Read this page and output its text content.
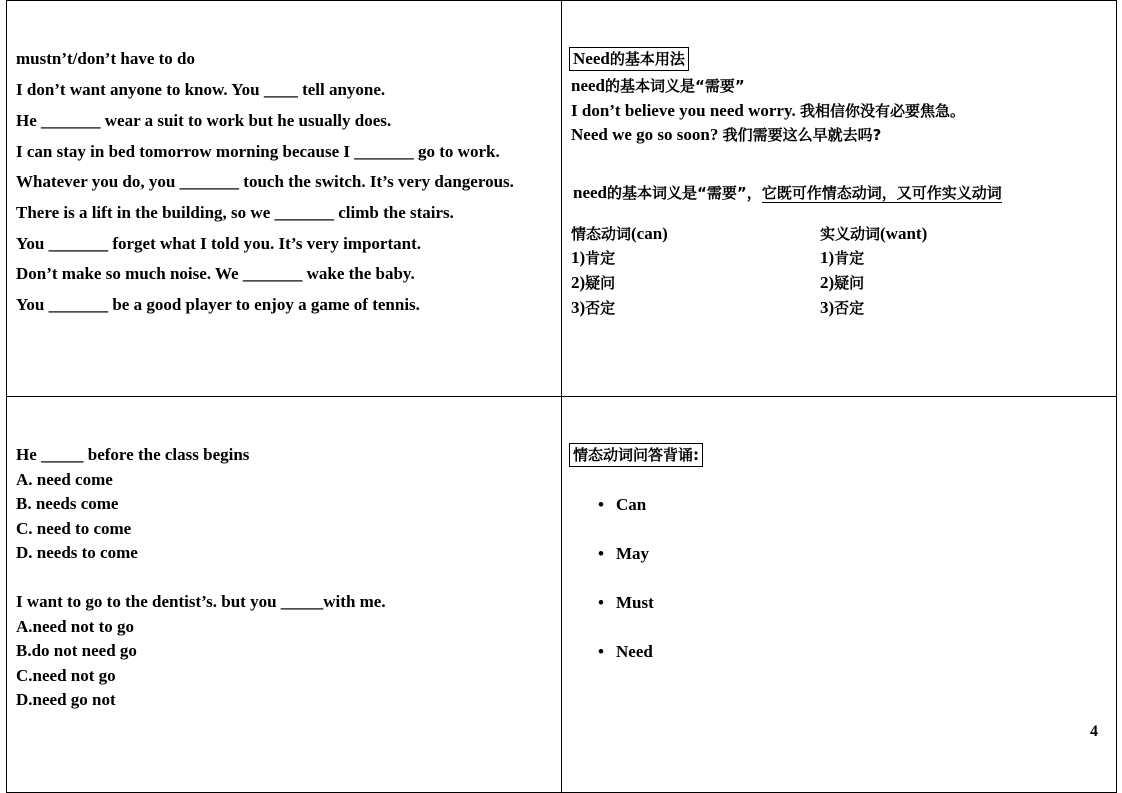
mustn’t/don’t have to do
I don’t want anyone to know. You ____ tell anyone.
He _______ wear a suit to work but he usually does.
I can stay in bed tomorrow morning because I _______ go to work.
Whatever you do, you _______ touch the switch. It’s very dangerous.
There is a lift in the building, so we _______ climb the stairs.
You _______ forget what I told you. It’s very important.
Don’t make so much noise. We _______ wake the baby.
You _______ be a good player to enjoy a game of tennis.
Need的基本用法
need的基本词义是“需要”
I don’t believe you need worry. 我相信你没有必要焦急。
Need we go so soon? 我们需要这么早就去吗?
need的基本词义是“需要”，它既可作情态动词，又可作实义动词
情态动词(can)	实义动词(want)
1)肯定
2)疑问
3)否定
1)肯定
2)疑问
3)否定
He _____ before the class begins
A. need come
B. needs come
C. need to come
D. needs to come
I want to go to the dentist’s. but you _____with me.
A.need not to go
B.do not need go
C.need not go
D.need go not
情态动词问答背诵:
• Can
• May
• Must
• Need
4
